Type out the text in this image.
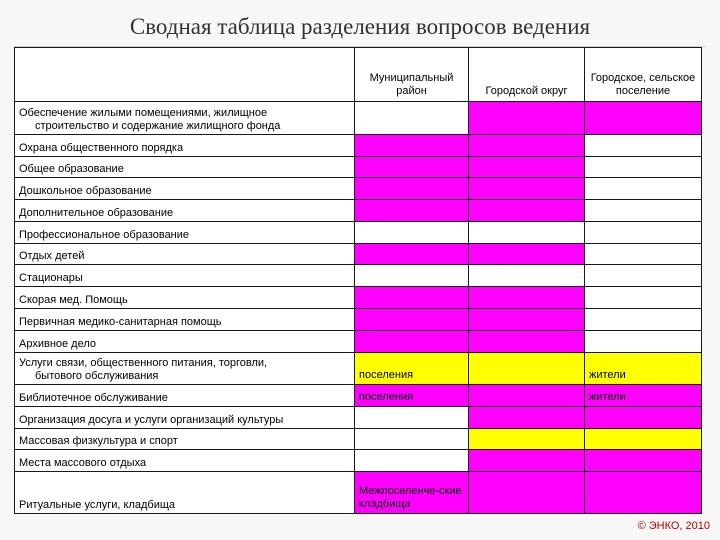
Сводная таблица разделения вопросов ведения
	Муниципальный район	Городской округ	Городское, сельское поселение

Обеспечение жилыми помещениями, жилищное
строительство и содержание жилищного фонда			

Охрана общественного порядка			
Общее образование			
Дошкольное образование			
Дополнительное образование			
Профессиональное образование			
Отдых детей			
Стационары			
Скорая мед. Помощь			
Первичная медико-санитарная помощь			
Архивное дело			

Услуги связи, общественного питания, торговли,
бытового обслуживания	поселения		жители
Библиотечное обслуживание	поселения		жители
Организация досуга и услуги организаций культуры			
Массовая физкультура и спорт			
Места массового отдыха			
Ритуальные услуги, кладбища	Межпоселенче-ские кладбища		
© ЭНКО, 2010
